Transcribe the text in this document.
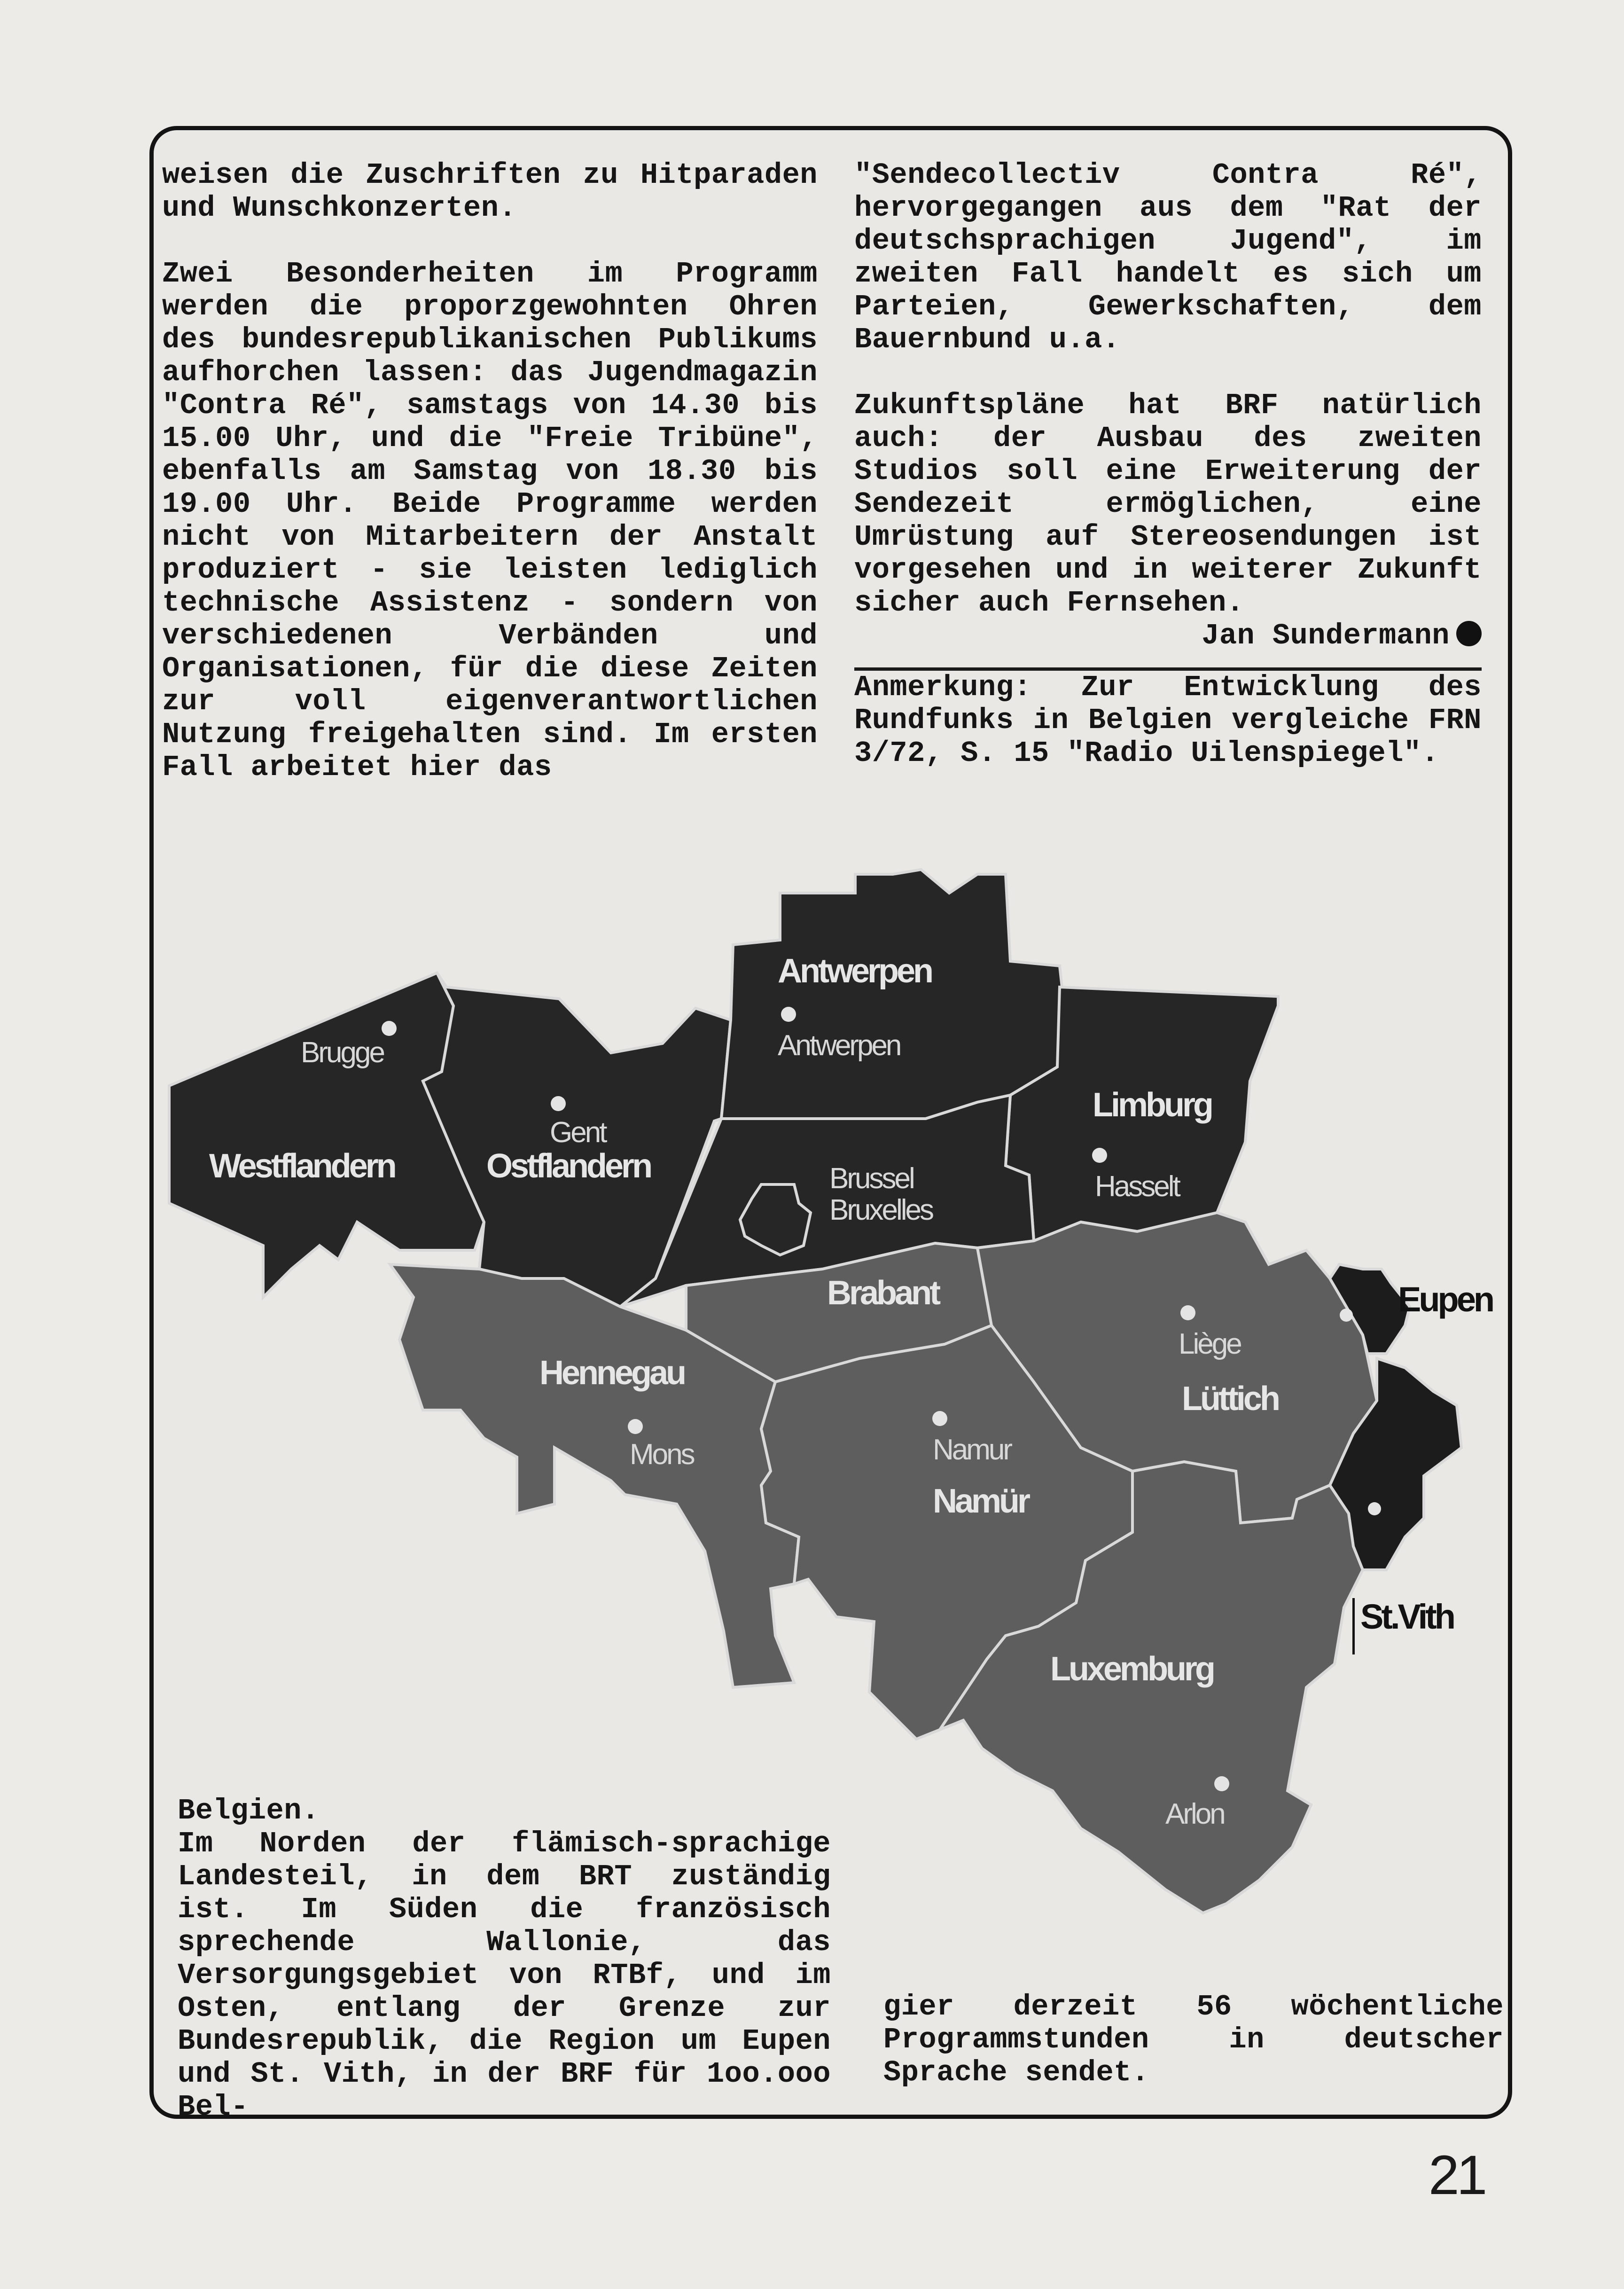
weisen die Zuschriften zu Hitparaden und Wunschkonzerten.

Zwei Besonderheiten im Programm werden die proporzgewohnten Ohren des bundesrepublikanischen Publikums aufhorchen lassen: das Jugendmagazin "Contra Ré", samstags von 14.30 bis 15.00 Uhr, und die "Freie Tribüne", ebenfalls am Samstag von 18.30 bis 19.00 Uhr. Beide Programme werden nicht von Mitarbeitern der Anstalt produziert - sie leisten lediglich technische Assistenz - sondern von verschiedenen Verbänden und Organisationen, für die diese Zeiten zur voll eigenverantwortlichen Nutzung freigehalten sind. Im ersten Fall arbeitet hier das

"Sendecollectiv Contra Ré", hervorgegangen aus dem "Rat der deutschsprachigen Jugend", im zweiten Fall handelt es sich um Parteien, Gewerkschaften, dem Bauernbund u.a.

Zukunftspläne hat BRF natürlich auch: der Ausbau des zweiten Studios soll eine Erweiterung der Sendezeit ermöglichen, eine Umrüstung auf Stereosendungen ist vorgesehen und in weiterer Zukunft sicher auch Fernsehen.

Jan Sundermann

Anmerkung: Zur Entwicklung des Rundfunks in Belgien vergleiche FRN 3/72, S. 15 "Radio Uilenspiegel".

Antwerpen
Westflandern	Ostflandern
Limburg
Brabant
Hennegau
Lüttich
Namür
Luxemburg
Brugge
Gent
Antwerpen
Brussel
Bruxelles
Hasselt
Liège
Mons	Namur
Arlon
Eupen
St.Vith

Belgien.

Im Norden der flämisch-sprachige Landesteil, in dem BRT zuständig ist. Im Süden die französisch sprechende Wallonie, das Versorgungsgebiet von RTBf, und im Osten, entlang der Grenze zur Bundesrepublik, die Region um Eupen und St. Vith, in der BRF für 1oo.ooo Bel-

gier derzeit 56 wöchentliche Programmstunden in deutscher Sprache sendet.

21
